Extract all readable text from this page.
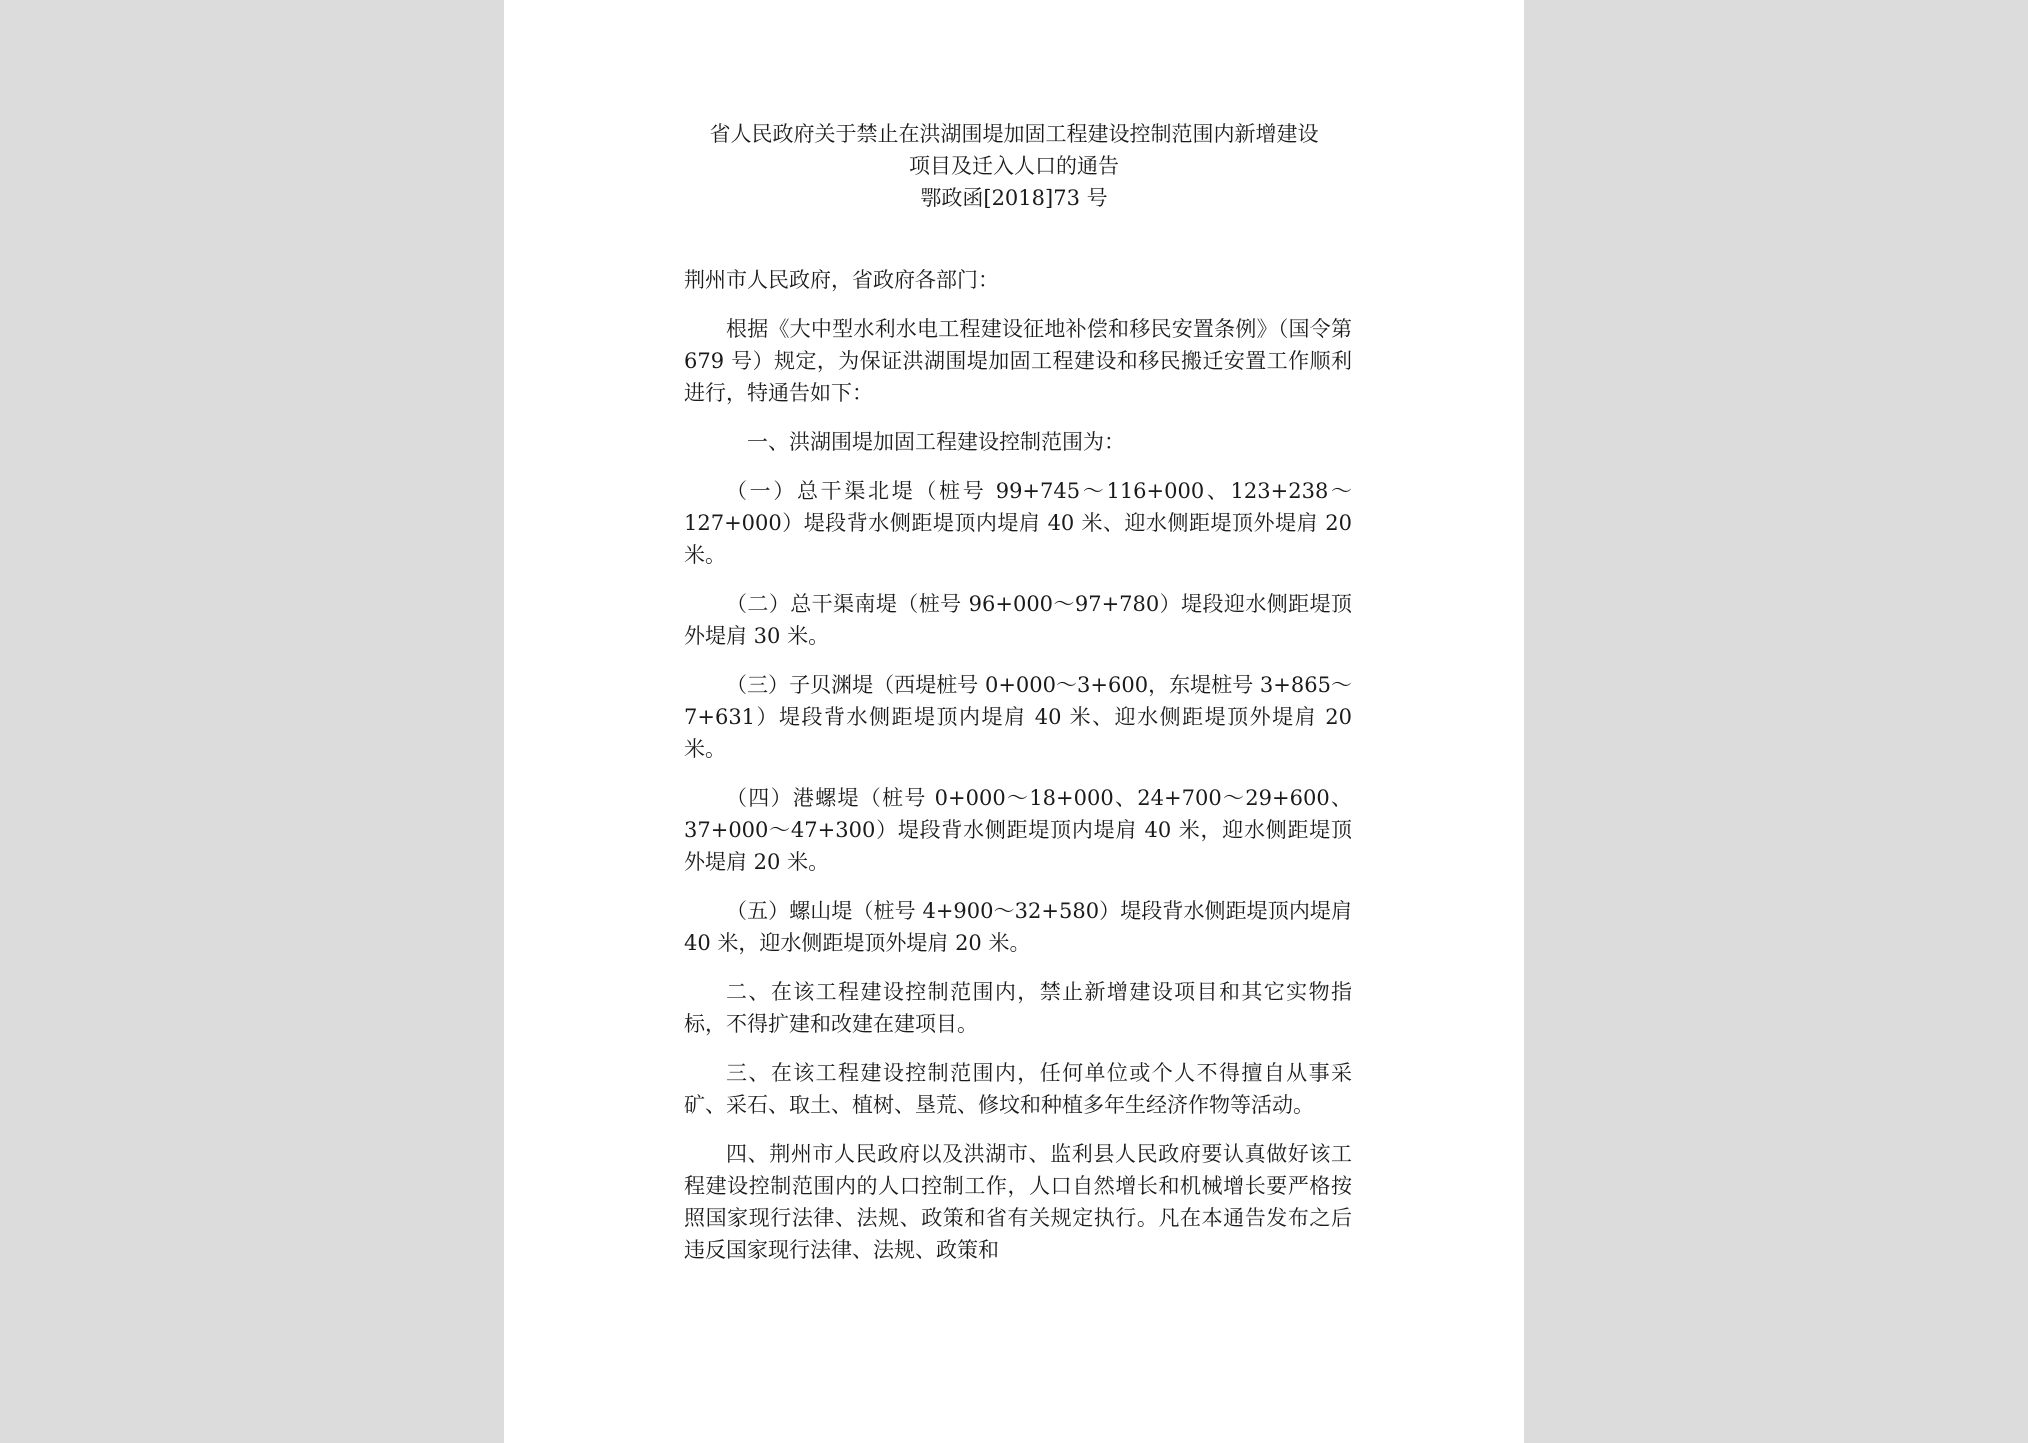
省人民政府关于禁止在洪湖围堤加固工程建设控制范围内新增建设
项目及迁入人口的通告
鄂政函[2018]73 号

荆州市人民政府，省政府各部门：

根据《大中型水利水电工程建设征地补偿和移民安置条例》（国令第 679 号）规定，为保证洪湖围堤加固工程建设和移民搬迁安置工作顺利进行，特通告如下：

一、洪湖围堤加固工程建设控制范围为：

（一）总干渠北堤（桩号 99+745～116+000、123+238～127+000）堤段背水侧距堤顶内堤肩 40 米、迎水侧距堤顶外堤肩 20 米。

（二）总干渠南堤（桩号 96+000～97+780）堤段迎水侧距堤顶外堤肩 30 米。

（三）子贝渊堤（西堤桩号 0+000～3+600，东堤桩号 3+865～7+631）堤段背水侧距堤顶内堤肩 40 米、迎水侧距堤顶外堤肩 20 米。

（四）港螺堤（桩号 0+000～18+000、24+700～29+600、37+000～47+300）堤段背水侧距堤顶内堤肩 40 米，迎水侧距堤顶外堤肩 20 米。

（五）螺山堤（桩号 4+900～32+580）堤段背水侧距堤顶内堤肩 40 米，迎水侧距堤顶外堤肩 20 米。

二、在该工程建设控制范围内，禁止新增建设项目和其它实物指标，不得扩建和改建在建项目。

三、在该工程建设控制范围内，任何单位或个人不得擅自从事采矿、采石、取土、植树、垦荒、修坟和种植多年生经济作物等活动。

四、荆州市人民政府以及洪湖市、监利县人民政府要认真做好该工程建设控制范围内的人口控制工作，人口自然增长和机械增长要严格按照国家现行法律、法规、政策和省有关规定执行。凡在本通告发布之后违反国家现行法律、法规、政策和
